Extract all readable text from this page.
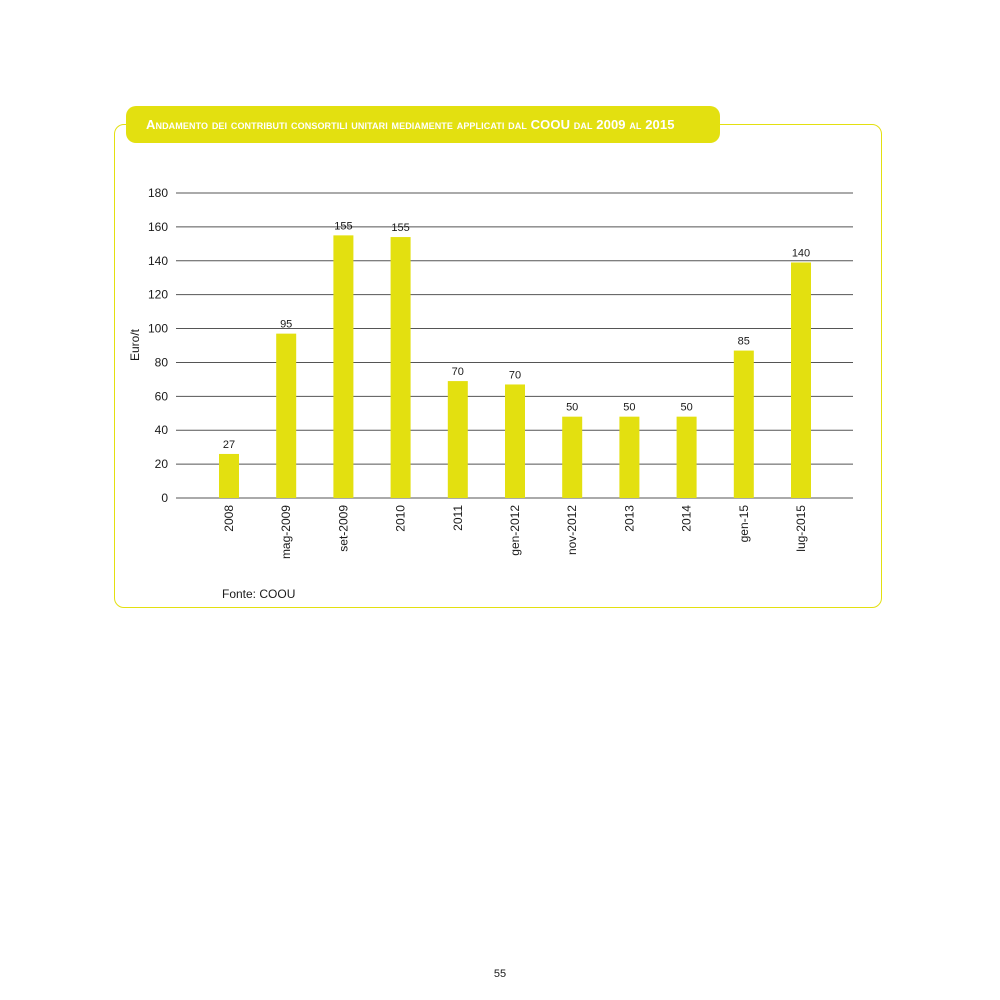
Andamento dei contributi consortili unitari mediamente applicati dal COOU dal 2009 al 2015
0
20
40
60
80
100
120
140
160
180
Euro/t
27
2008
95
mag-2009
155
set-2009
155
2010
70
2011
70
gen-2012
50
nov-2012
50
2013
50
2014
85
gen-15
140
lug-2015
Fonte: COOU
55
